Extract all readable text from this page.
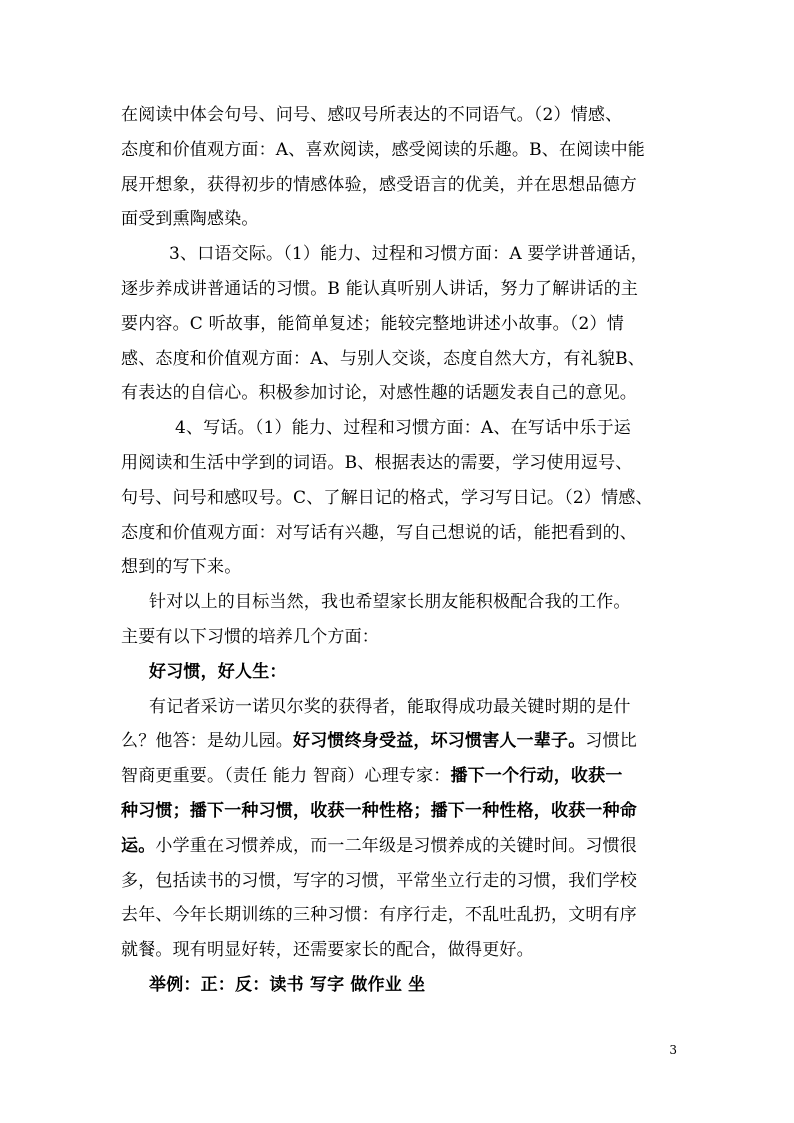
在阅读中体会句号、问号、感叹号所表达的不同语气。（2）情感、
态度和价值观方面：A、喜欢阅读，感受阅读的乐趣。B、在阅读中能
展开想象，获得初步的情感体验，感受语言的优美，并在思想品德方
面受到熏陶感染。
3、口语交际。（1）能力、过程和习惯方面：A 要学讲普通话，
逐步养成讲普通话的习惯。B 能认真听别人讲话，努力了解讲话的主
要内容。C 听故事，能简单复述；能较完整地讲述小故事。（2）情
感、态度和价值观方面：A、与别人交谈，态度自然大方，有礼貌B、
有表达的自信心。积极参加讨论，对感性趣的话题发表自己的意见。
4、写话。（1）能力、过程和习惯方面：A、在写话中乐于运
用阅读和生活中学到的词语。B、根据表达的需要，学习使用逗号、
句号、问号和感叹号。C、了解日记的格式，学习写日记。（2）情感、
态度和价值观方面：对写话有兴趣，写自己想说的话，能把看到的、
想到的写下来。
针对以上的目标当然，我也希望家长朋友能积极配合我的工作。
主要有以下习惯的培养几个方面：
好习惯，好人生：
有记者采访一诺贝尔奖的获得者，能取得成功最关键时期的是什
么？他答：是幼儿园。好习惯终身受益，坏习惯害人一辈子。习惯比
智商更重要。（责任 能力 智商）心理专家：播下一个行动，收获一
种习惯；播下一种习惯，收获一种性格；播下一种性格，收获一种命
运。小学重在习惯养成，而一二年级是习惯养成的关键时间。习惯很
多，包括读书的习惯，写字的习惯，平常坐立行走的习惯，我们学校
去年、今年长期训练的三种习惯：有序行走，不乱吐乱扔，文明有序
就餐。现有明显好转，还需要家长的配合，做得更好。
举例：正：反：读书 写字 做作业 坐
3
